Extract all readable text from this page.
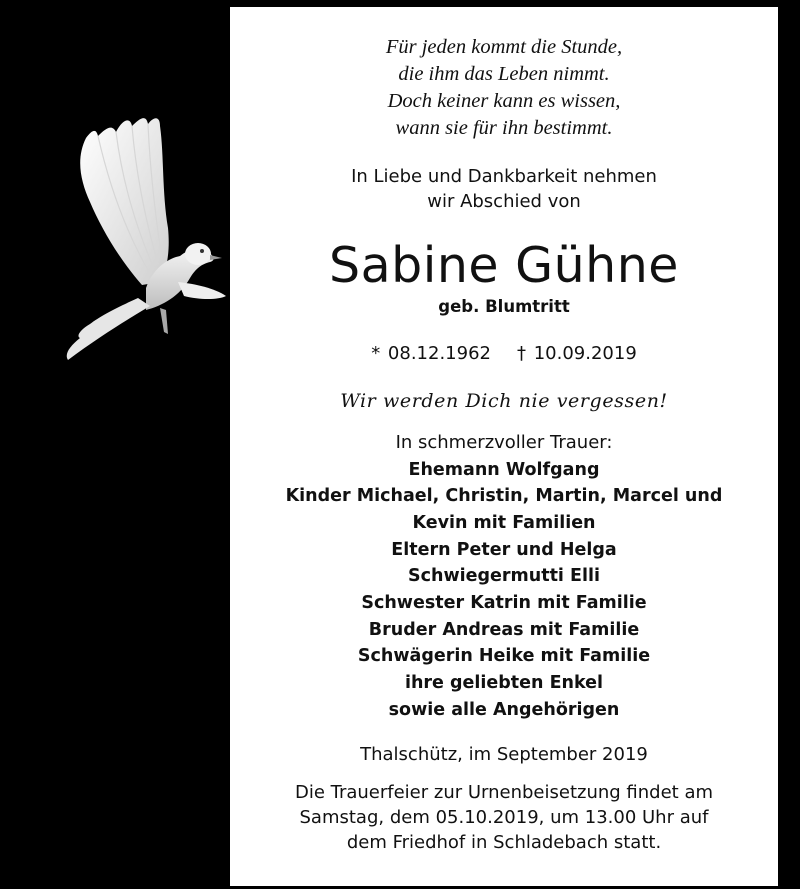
Für jeden kommt die Stunde,
die ihm das Leben nimmt.
Doch keiner kann es wissen,
wann sie für ihn bestimmt.
In Liebe und Dankbarkeit nehmen
wir Abschied von
Sabine Gühne
geb. Blumtritt
* 08.12.1962 † 10.09.2019
Wir werden Dich nie vergessen!
In schmerzvoller Trauer:
Ehemann Wolfgang
Kinder Michael, Christin, Martin, Marcel und
Kevin mit Familien
Eltern Peter und Helga
Schwiegermutti Elli
Schwester Katrin mit Familie
Bruder Andreas mit Familie
Schwägerin Heike mit Familie
ihre geliebten Enkel
sowie alle Angehörigen
Thalschütz, im September 2019
Die Trauerfeier zur Urnenbeisetzung findet am
Samstag, dem 05.10.2019, um 13.00 Uhr auf
dem Friedhof in Schladebach statt.
